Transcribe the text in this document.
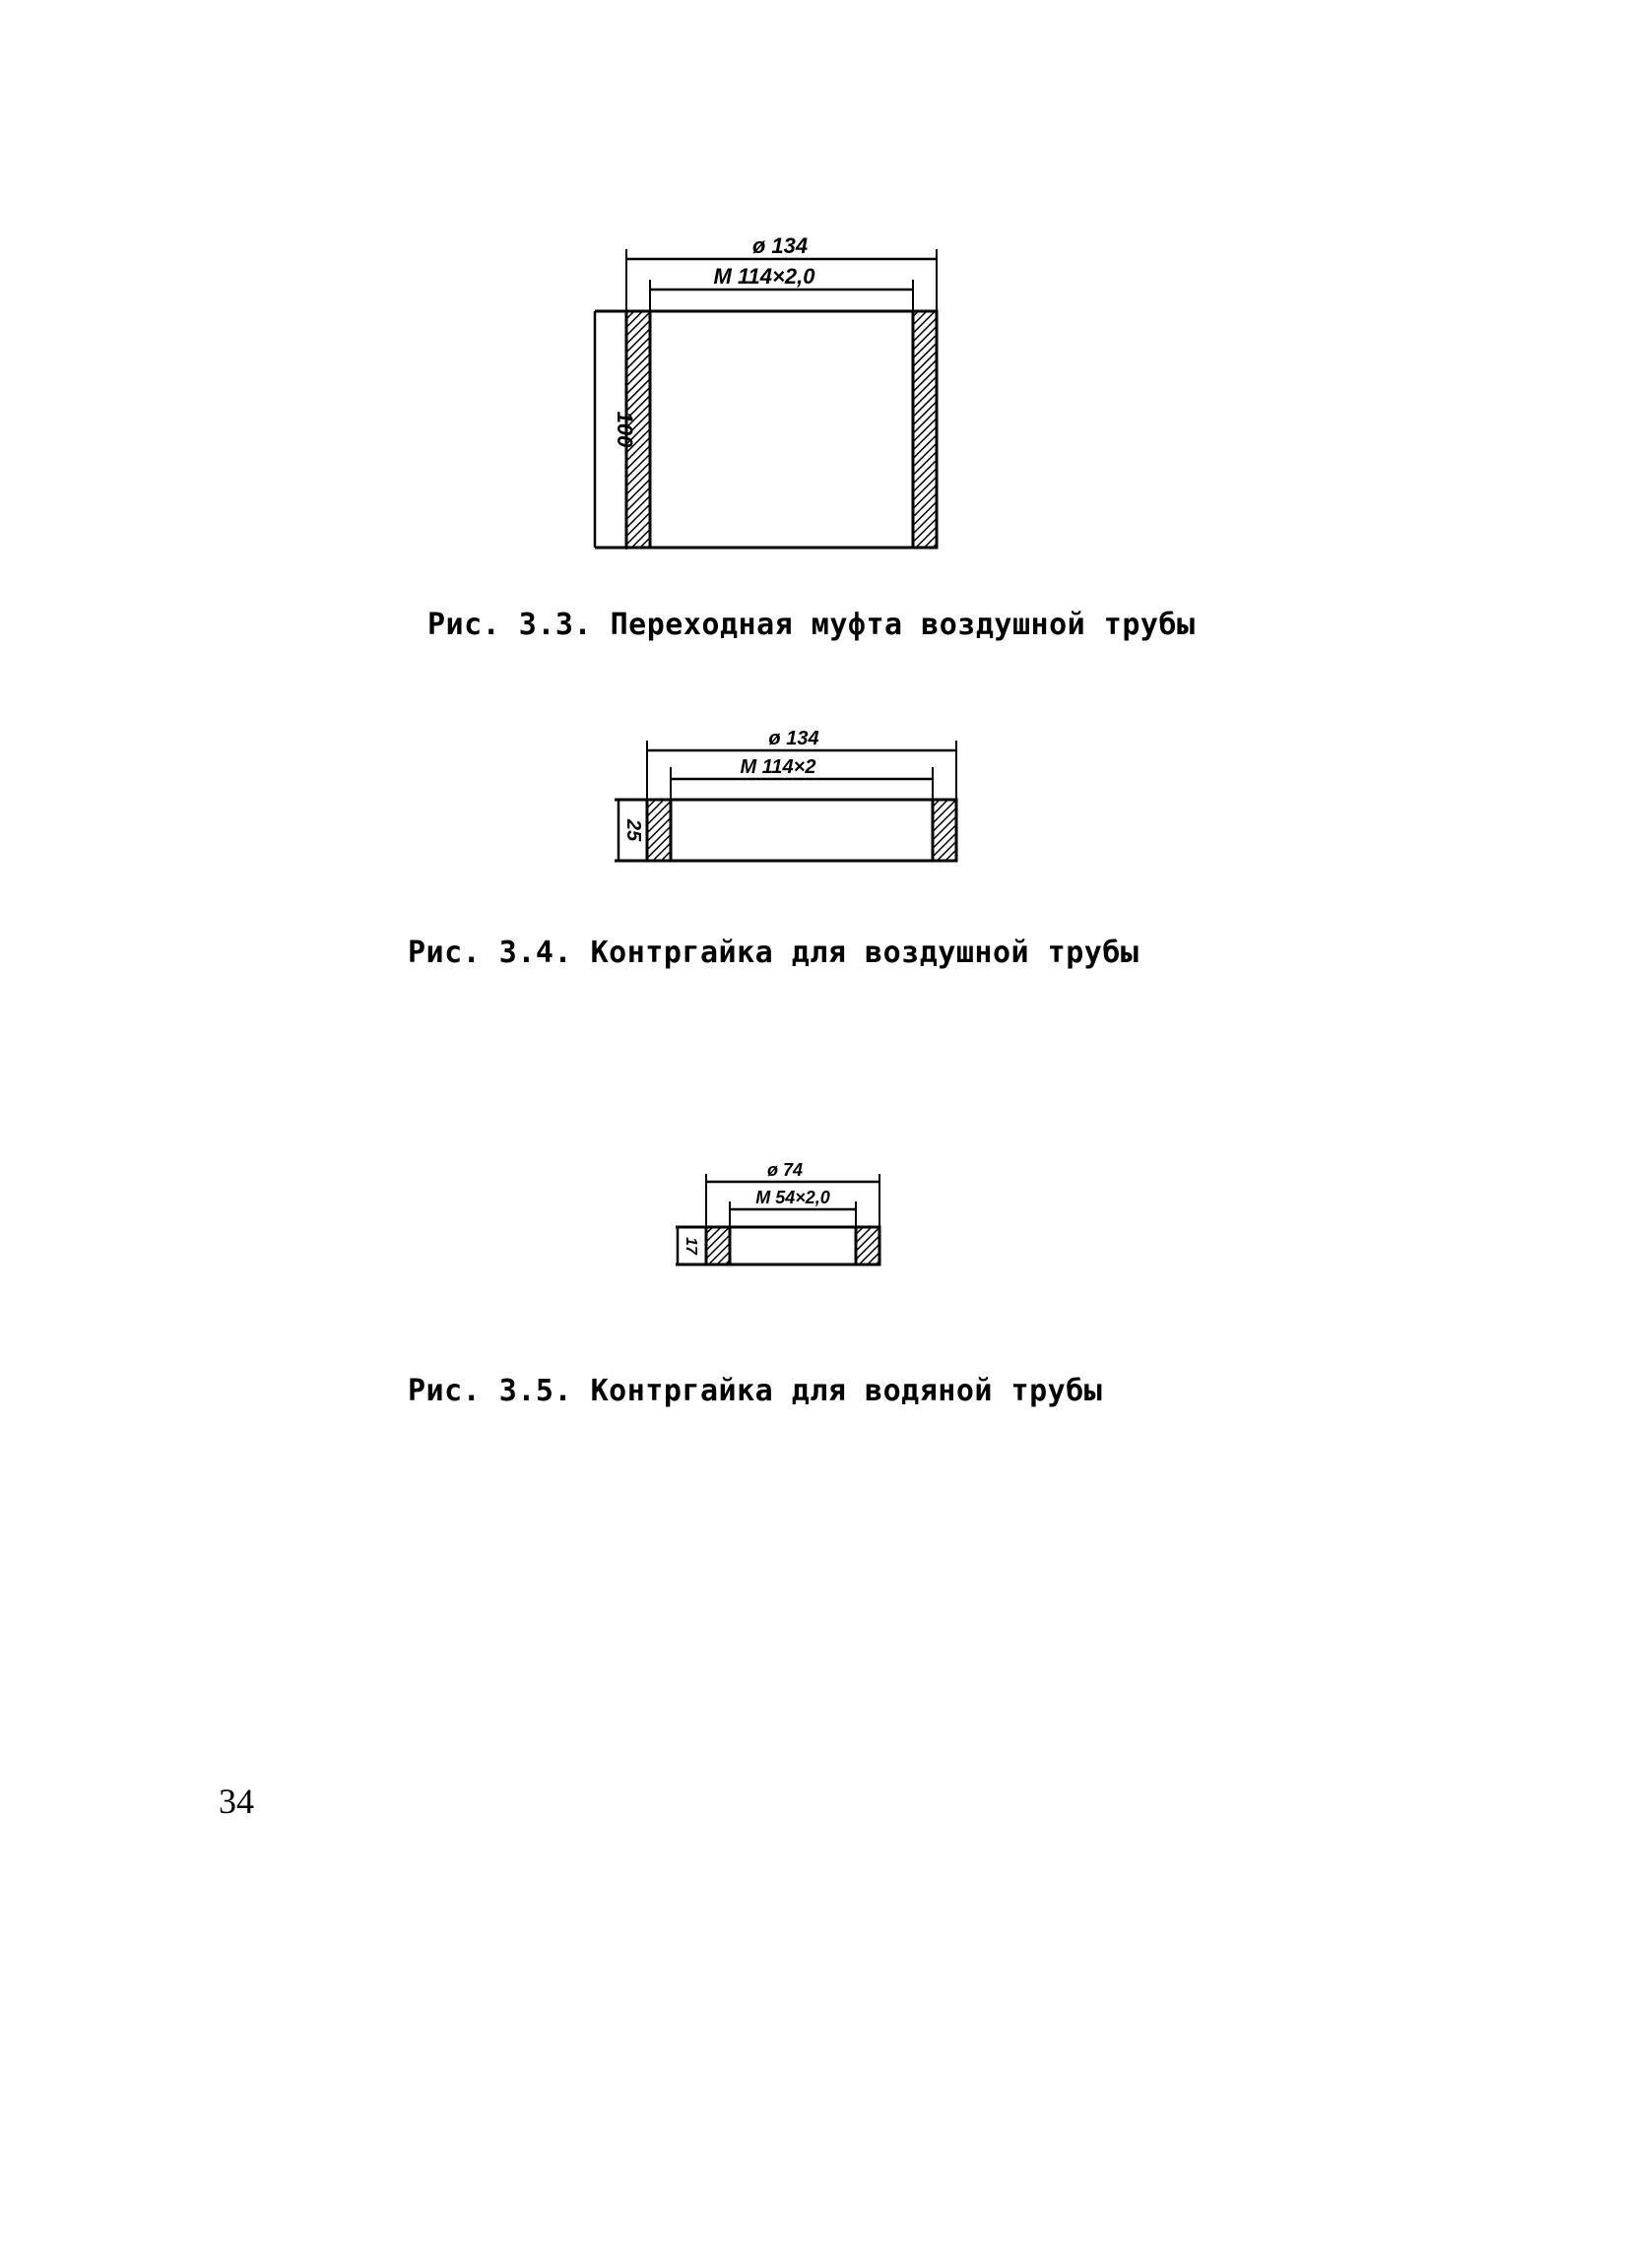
ø 134
М 114×2,0
100
Рис. 3.3. Переходная муфта воздушной трубы
ø 134
М 114×2
25
Рис. 3.4. Контргайка для воздушной трубы
ø 74
М 54×2,0
17
Рис. 3.5. Контргайка для водяной трубы
34
